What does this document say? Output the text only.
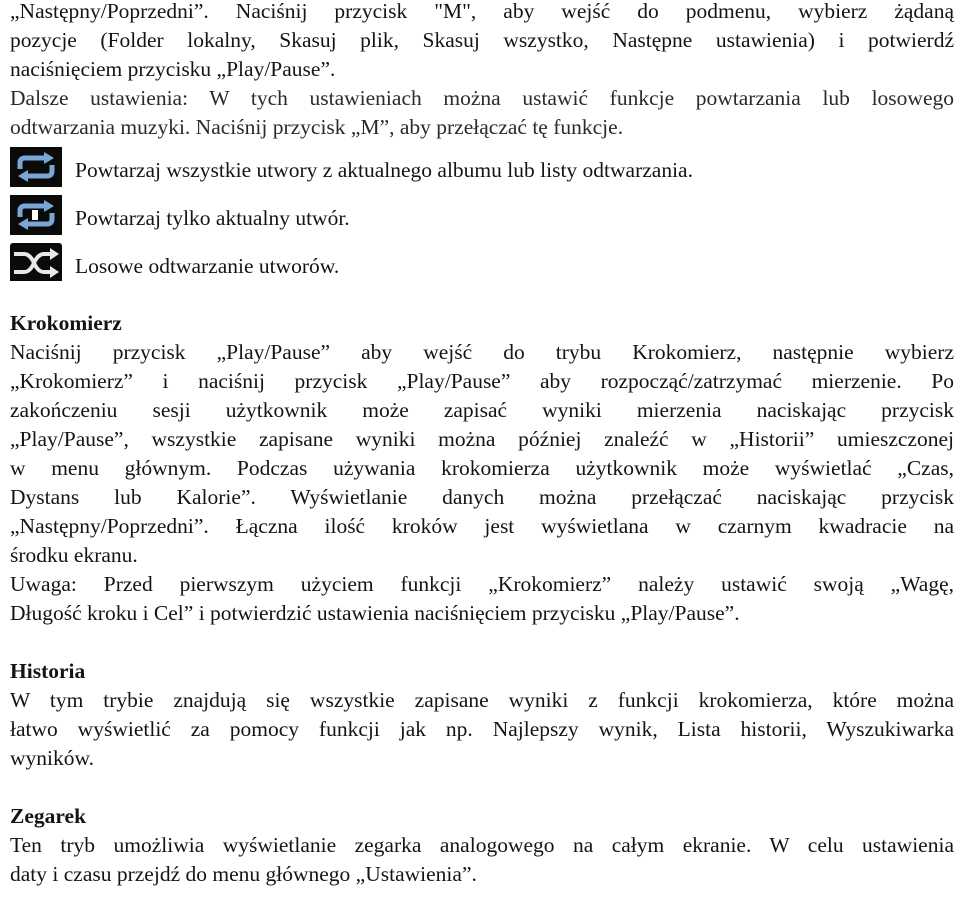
„Następny/Poprzedni”. Naciśnij przycisk "M", aby wejść do podmenu, wybierz żądaną
pozycje (Folder lokalny, Skasuj plik, Skasuj wszystko, Następne ustawienia) i potwierdź
naciśnięciem przycisku „Play/Pause”.
Dalsze ustawienia: W tych ustawieniach można ustawić funkcje powtarzania lub losowego
odtwarzania muzyki. Naciśnij przycisk „M”, aby przełączać tę funkcje.
Powtarzaj wszystkie utwory z aktualnego albumu lub listy odtwarzania.
Powtarzaj tylko aktualny utwór.
Losowe odtwarzanie utworów.

Krokomierz

Naciśnij przycisk „Play/Pause” aby wejść do trybu Krokomierz, następnie wybierz
„Krokomierz” i naciśnij przycisk „Play/Pause” aby rozpocząć/zatrzymać mierzenie. Po
zakończeniu sesji użytkownik może zapisać wyniki mierzenia naciskając przycisk
„Play/Pause”, wszystkie zapisane wyniki można później znaleźć w „Historii” umieszczonej
w menu głównym. Podczas używania krokomierza użytkownik może wyświetlać „Czas,
Dystans lub Kalorie”. Wyświetlanie danych można przełączać naciskając przycisk
„Następny/Poprzedni”. Łączna ilość kroków jest wyświetlana w czarnym kwadracie na
środku ekranu.
Uwaga: Przed pierwszym użyciem funkcji „Krokomierz” należy ustawić swoją „Wagę,
Długość kroku i Cel” i potwierdzić ustawienia naciśnięciem przycisku „Play/Pause”.

Historia

W tym trybie znajdują się wszystkie zapisane wyniki z funkcji krokomierza, które można
łatwo wyświetlić za pomocy funkcji jak np. Najlepszy wynik, Lista historii, Wyszukiwarka
wyników.

Zegarek

Ten tryb umożliwia wyświetlanie zegarka analogowego na całym ekranie. W celu ustawienia
daty i czasu przejdź do menu głównego „Ustawienia”.
